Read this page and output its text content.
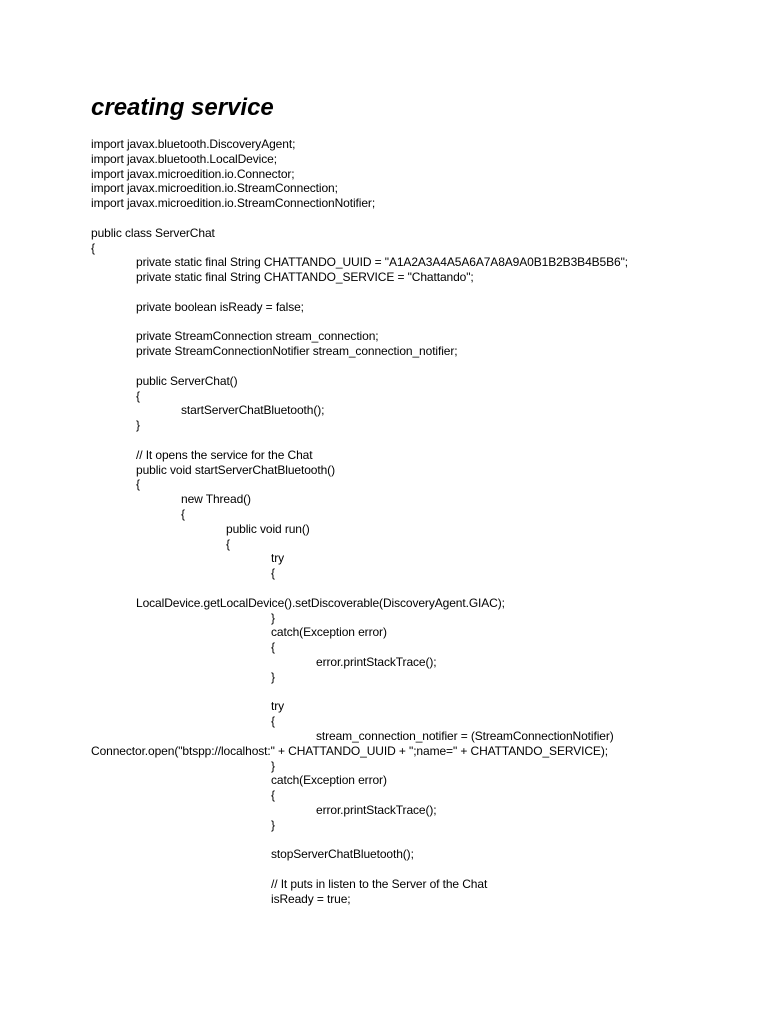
creating service
import javax.bluetooth.DiscoveryAgent;
import javax.bluetooth.LocalDevice;
import javax.microedition.io.Connector;
import javax.microedition.io.StreamConnection;
import javax.microedition.io.StreamConnectionNotifier;
public class ServerChat
{
private static final String CHATTANDO_UUID = "A1A2A3A4A5A6A7A8A9A0B1B2B3B4B5B6";
private static final String CHATTANDO_SERVICE = "Chattando";
private boolean isReady = false;
private StreamConnection stream_connection;
private StreamConnectionNotifier stream_connection_notifier;
public ServerChat()
{
startServerChatBluetooth();
}
// It opens the service for the Chat
public void startServerChatBluetooth()
{
new Thread()
{
public void run()
{
try
{
LocalDevice.getLocalDevice().setDiscoverable(DiscoveryAgent.GIAC);
}
catch(Exception error)
{
error.printStackTrace();
}
try
{
stream_connection_notifier = (StreamConnectionNotifier)
Connector.open("btspp://localhost:" + CHATTANDO_UUID + ";name=" + CHATTANDO_SERVICE);
}
catch(Exception error)
{
error.printStackTrace();
}
stopServerChatBluetooth();
// It puts in listen to the Server of the Chat
isReady = true;
